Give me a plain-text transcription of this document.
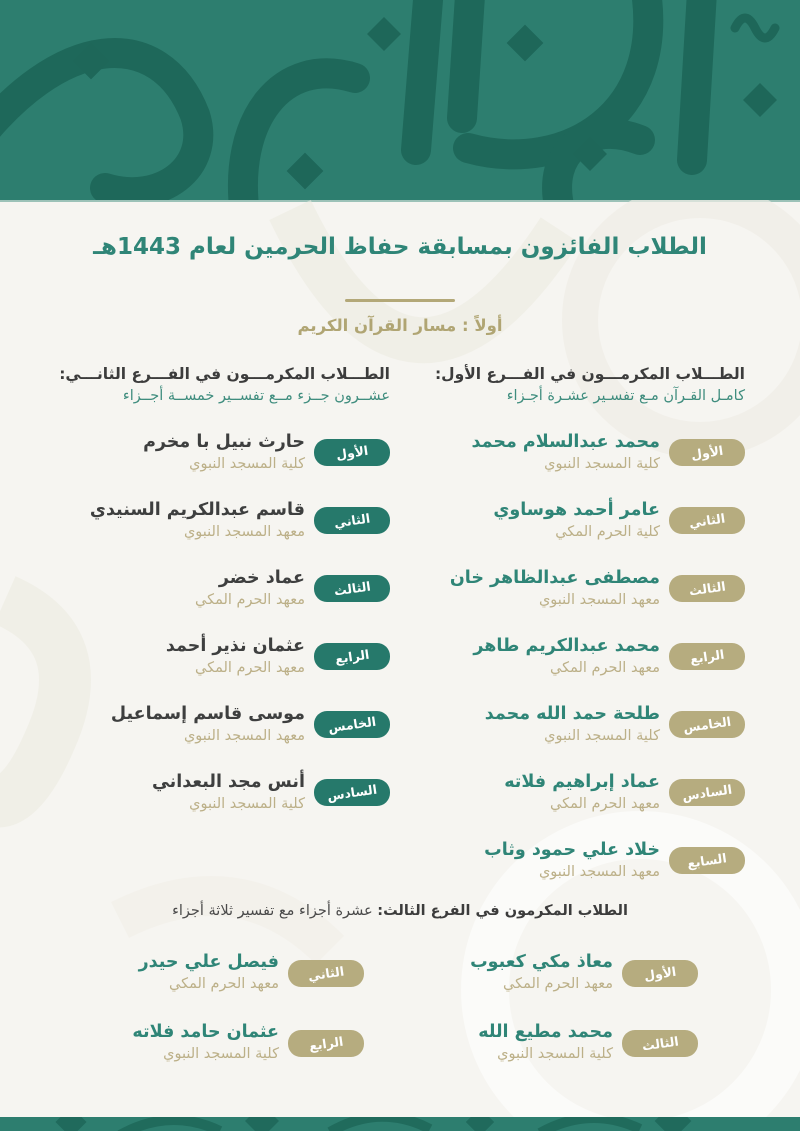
الطلاب الفائزون بمسابقة حفاظ الحرمين لعام 1443هـ
أولاً : مسار القرآن الكريم
الطـــلاب المكرمـــون في الفـــرع الأول:
كامـل القـرآن مـع تفسـير عشـرة أجـزاء
الأول
محمد عبدالسلام محمد
كلية المسجد النبوي
الثاني
عامر أحمد هوساوي
كلية الحرم المكي
الثالث
مصطفى عبدالظاهر خان
معهد المسجد النبوي
الرابع
محمد عبدالكريم طاهر
معهد الحرم المكي
الخامس
طلحة حمد الله محمد
كلية المسجد النبوي
السادس
عماد إبراهيم فلاته
معهد الحرم المكي
السابع
خلاد علي حمود وثاب
معهد المسجد النبوي
الطـــلاب المكرمـــون في الفـــرع الثانـــي:
عشــرون جــزء مــع تفســير خمســة أجــزاء
الأول
حارث نبيل با مخرم
كلية المسجد النبوي
الثاني
قاسم عبدالكريم السنيدي
معهد المسجد النبوي
الثالث
عماد خضر
معهد الحرم المكي
الرابع
عثمان نذير أحمد
معهد الحرم المكي
الخامس
موسى قاسم إسماعيل
معهد المسجد النبوي
السادس
أنس مجد البعداني
كلية المسجد النبوي
الطلاب المكرمون في الفرع الثالث: عشرة أجزاء مع تفسير ثلاثة أجزاء
الأول
معاذ مكي كعبوب
معهد الحرم المكي
الثاني
فيصل علي حيدر
معهد الحرم المكي
الثالث
محمد مطيع الله
كلية المسجد النبوي
الرابع
عثمان حامد فلاته
كلية المسجد النبوي
